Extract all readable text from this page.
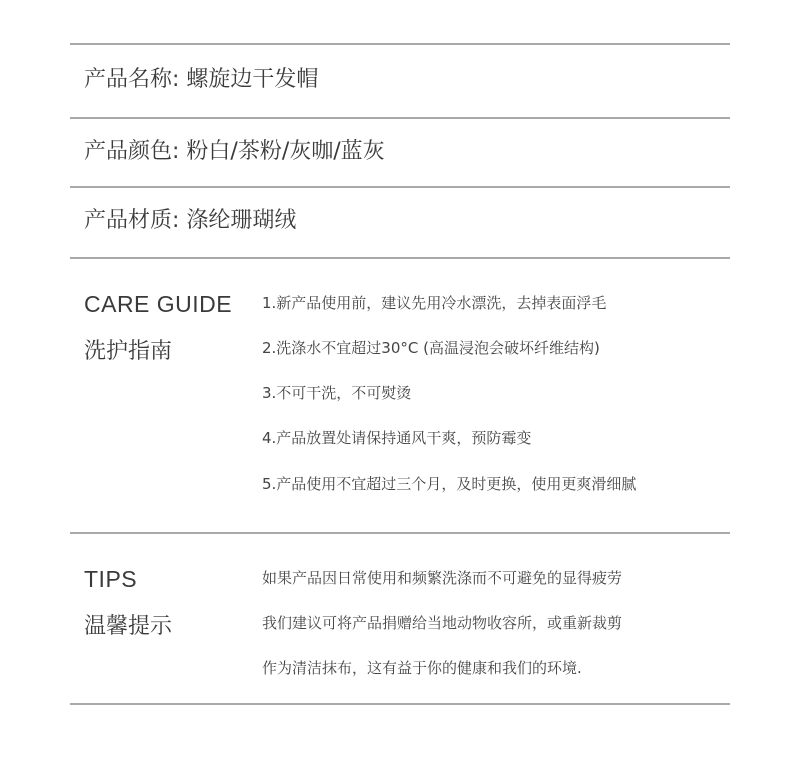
产品名称: 螺旋边干发帽
产品颜色: 粉白/茶粉/灰咖/蓝灰
产品材质: 涤纶珊瑚绒
CARE GUIDE
洗护指南
1.新产品使用前，建议先用冷水漂洗，去掉表面浮毛
2.洗涤水不宜超过30°C (高温浸泡会破坏纤维结构)
3.不可干洗，不可熨烫
4.产品放置处请保持通风干爽，预防霉变
5.产品使用不宜超过三个月，及时更换，使用更爽滑细腻
TIPS
温馨提示
如果产品因日常使用和频繁洗涤而不可避免的显得疲劳
我们建议可将产品捐赠给当地动物收容所，或重新裁剪
作为清洁抹布，这有益于你的健康和我们的环境.
